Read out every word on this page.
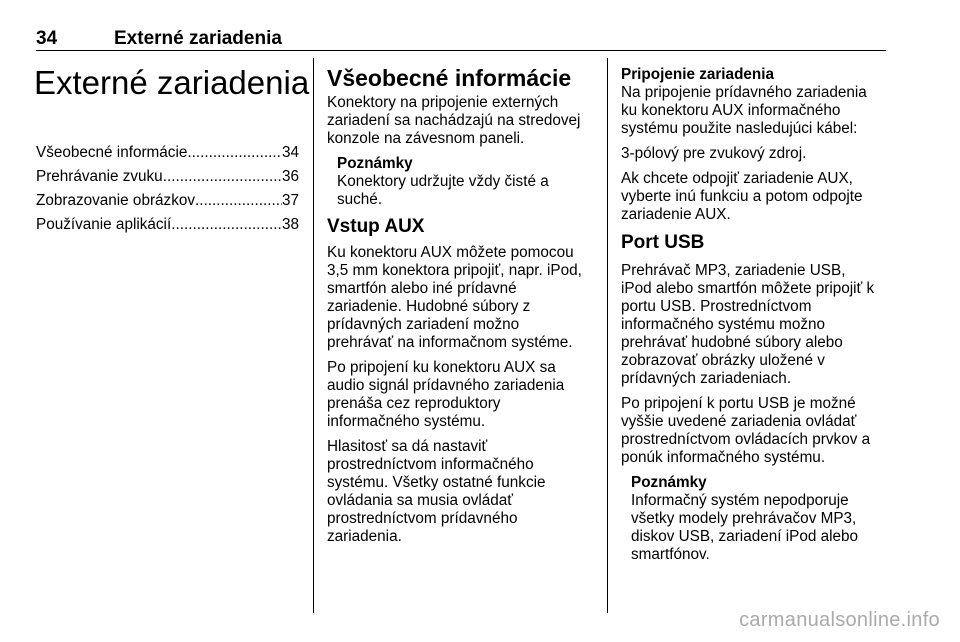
34	Externé zariadenia
Externé zariadenia
Všeobecné informácie .....	34
Prehrávanie zvuku .....	36
Zobrazovanie obrázkov .....	37
Používanie aplikácií .....	38
Všeobecné informácie

Konektory na pripojenie externých
zariadení sa nachádzajú na stredovej
konzole na závesnom paneli.

Poznámky
Konektory udržujte vždy čisté a
suché.
Vstup AUX

Ku konektoru AUX môžete pomocou
3,5 mm konektora pripojiť, napr. iPod,
smartfón alebo iné prídavné
zariadenie. Hudobné súbory z
prídavných zariadení možno
prehrávať na informačnom systéme.

Po pripojení ku konektoru AUX sa
audio signál prídavného zariadenia
prenáša cez reproduktory
informačného systému.

Hlasitosť sa dá nastaviť
prostredníctvom informačného
systému. Všetky ostatné funkcie
ovládania sa musia ovládať
prostredníctvom prídavného
zariadenia.

Pripojenie zariadenia

Na pripojenie prídavného zariadenia
ku konektoru AUX informačného
systému použite nasledujúci kábel:

3-pólový pre zvukový zdroj.

Ak chcete odpojiť zariadenie AUX,
vyberte inú funkciu a potom odpojte
zariadenie AUX.

Port USB

Prehrávač MP3, zariadenie USB,
iPod alebo smartfón môžete pripojiť k
portu USB. Prostredníctvom
informačného systému možno
prehrávať hudobné súbory alebo
zobrazovať obrázky uložené v
prídavných zariadeniach.

Po pripojení k portu USB je možné
vyššie uvedené zariadenia ovládať
prostredníctvom ovládacích prvkov a
ponúk informačného systému.

Poznámky
Informačný systém nepodporuje
všetky modely prehrávačov MP3,
diskov USB, zariadení iPod alebo
smartfónov.
carmanualsonline.info
